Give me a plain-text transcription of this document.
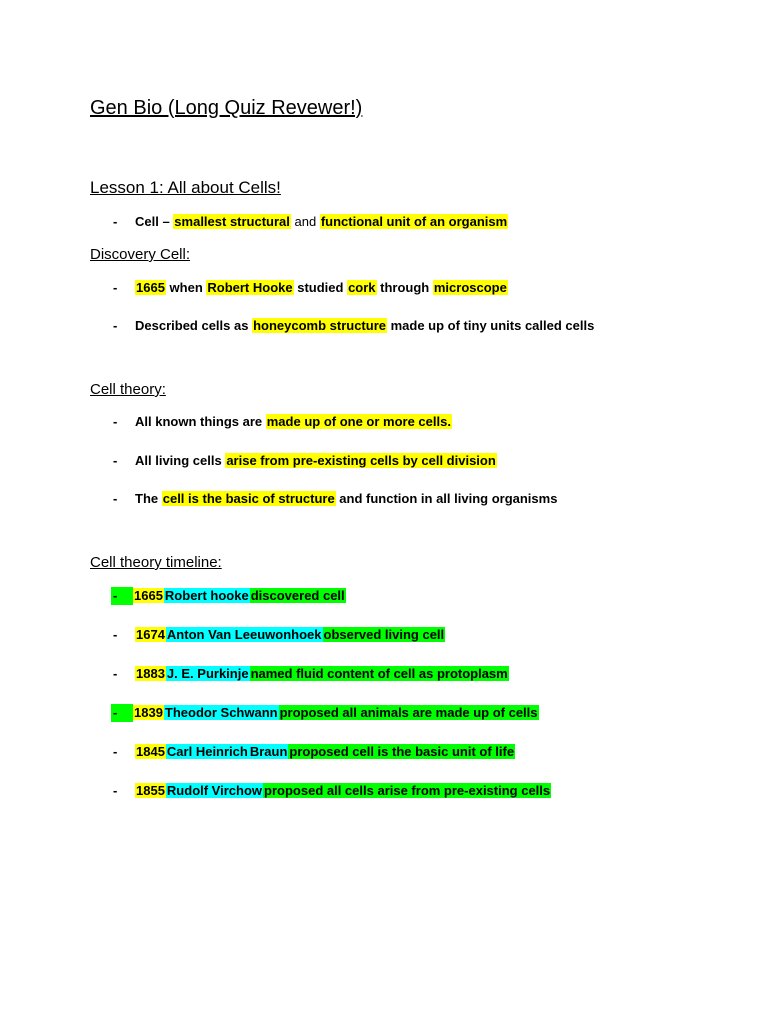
Gen Bio (Long Quiz Revewer!)
Lesson 1: All about Cells!
- Cell – smallest structural and functional unit of an organism
Discovery Cell:
- 1665 when Robert Hooke studied cork through microscope
- Described cells as honeycomb structure made up of tiny units called cells
Cell theory:
- All known things are made up of one or more cells.
- All living cells arise from pre-existing cells by cell division
- The cell is the basic of structure and function in all living organisms
Cell theory timeline:
- 1665 Robert hooke discovered cell
- 1674 Anton Van Leeuwonhoek observed living cell
- 1883 J. E. Purkinje named fluid content of cell as protoplasm
- 1839 Theodor Schwann proposed all animals are made up of cells
- 1845 Carl Heinrich Braun proposed cell is the basic unit of life
- 1855 Rudolf Virchow proposed all cells arise from pre-existing cells
